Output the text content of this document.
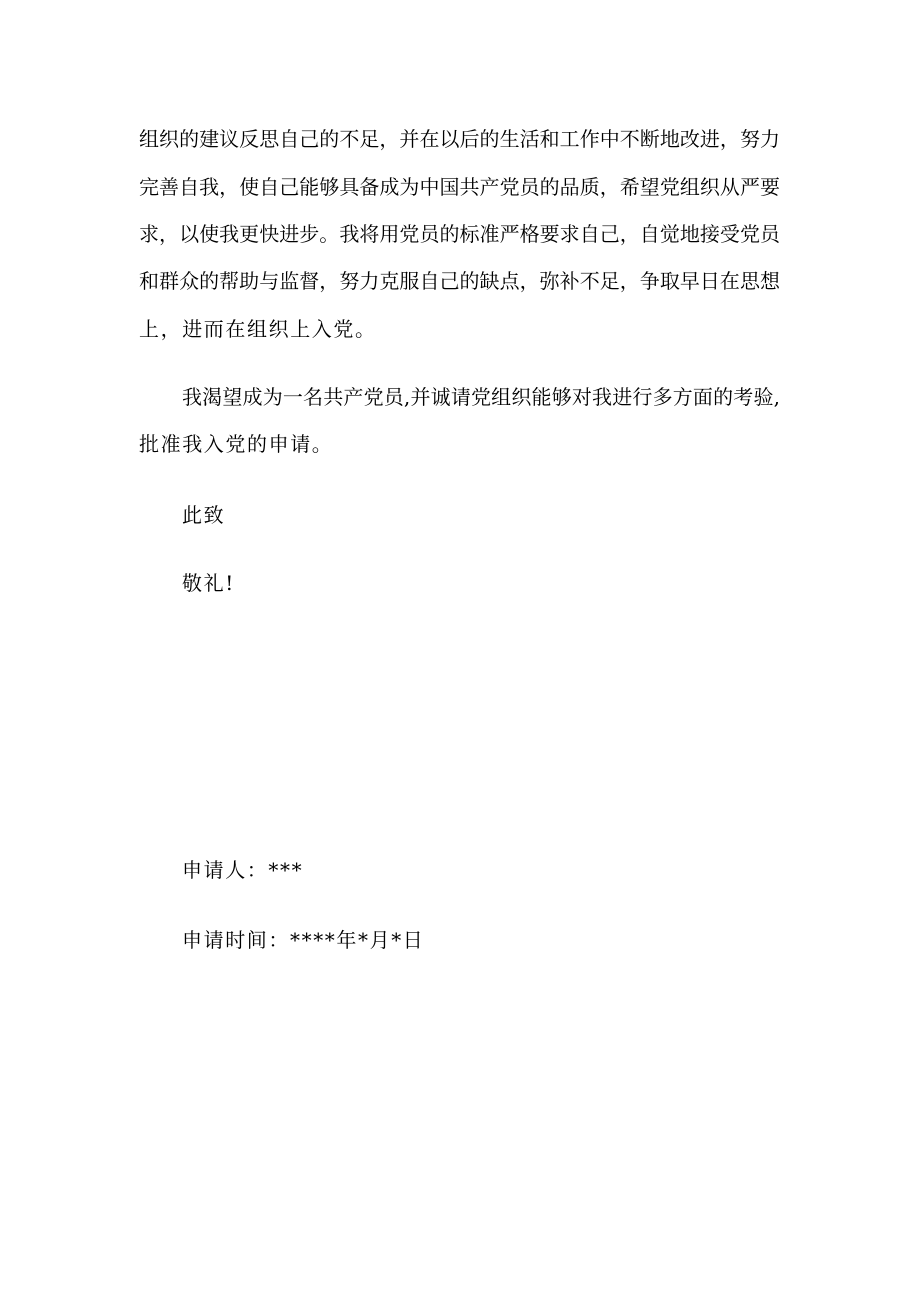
组织的建议反思自己的不足，并在以后的生活和工作中不断地改进，努力
完善自我，使自己能够具备成为中国共产党员的品质，希望党组织从严要
求，以使我更快进步。我将用党员的标准严格要求自己，自觉地接受党员
和群众的帮助与监督，努力克服自己的缺点，弥补不足，争取早日在思想
上，进而在组织上入党。
我渴望成为一名共产党员,并诚请党组织能够对我进行多方面的考验,
批准我入党的申请。
此致
敬礼!
申请人：***
申请时间：****年*月*日
